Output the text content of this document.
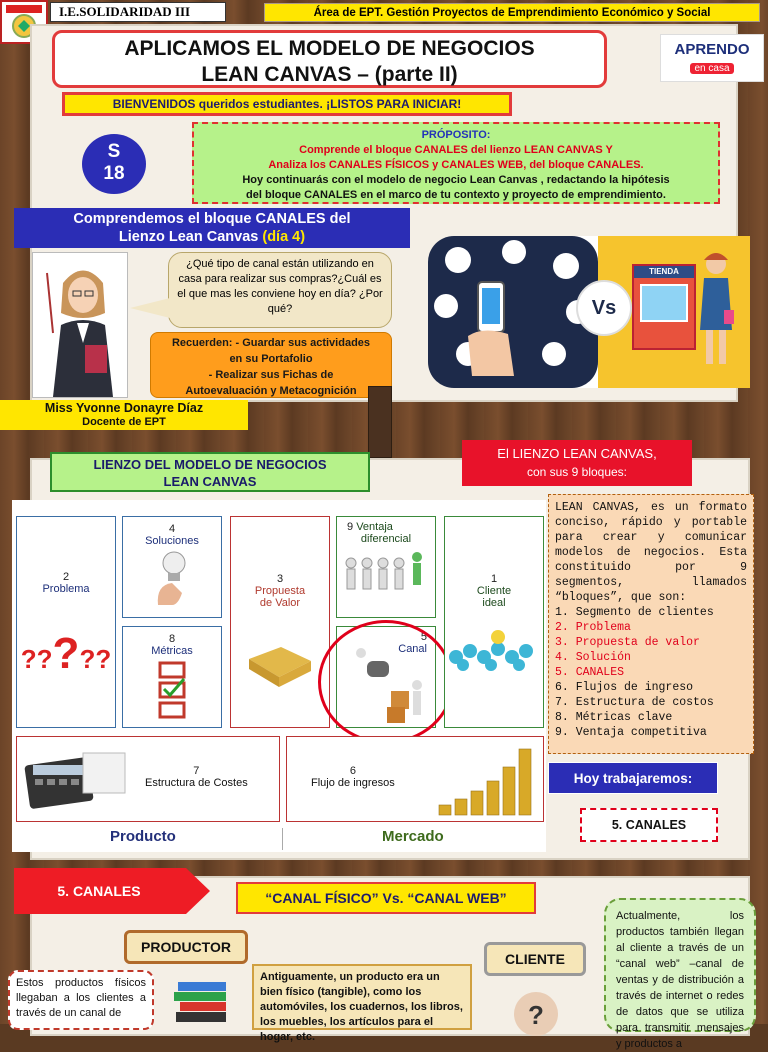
I.E.SOLIDARIDAD III	Área de EPT. Gestión Proyectos de Emprendimiento Económico y Social
APLICAMOS EL MODELO DE NEGOCIOS
LEAN CANVAS – (parte II)
APRENDO
en casa
BIENVENIDOS queridos estudiantes. ¡LISTOS PARA INICIAR!
S
18
PRÓPOSITO:
Comprende el bloque CANALES del lienzo LEAN CANVAS Y
Analiza los CANALES FÍSICOS y CANALES WEB, del bloque CANALES.
Hoy continuarás con el modelo de negocio Lean Canvas , redactando la hipótesis
del bloque CANALES en el marco de tu contexto y proyecto de emprendimiento.
Comprendemos el bloque CANALES del
Lienzo Lean Canvas (día 4)
¿Qué tipo de canal están utilizando en casa para realizar sus compras?¿Cuál es el que mas les conviene hoy en día? ¿Por qué?
Recuerden: - Guardar sus actividades
en su Portafolio
- Realizar sus Fichas de
Autoevaluación y Metacognición
Miss Yvonne Donayre Díaz
Docente de EPT
Vs
TIENDA
LIENZO DEL MODELO DE NEGOCIOS
LEAN CANVAS
El LIENZO LEAN CANVAS,
con sus 9 bloques:
2
Problema
?????
4
Soluciones
8
Métricas
3
Propuesta
de Valor
9 Ventaja
diferencial
5
Canal
1
Cliente
ideal
7
Estructura de Costes
6
Flujo de ingresos
Producto	Mercado
LEAN CANVAS, es un formato conciso, rápido y portable para crear y comunicar modelos de negocios. Esta constituido por 9 segmentos, llamados “bloques”, que son:
1. Segmento de clientes
2. Problema
3. Propuesta de valor
4. Solución
5. CANALES
6. Flujos de ingreso
7. Estructura de costos
8. Métricas clave
9. Ventaja competitiva
Hoy trabajaremos:
5. CANALES
5. CANALES	“CANAL FÍSICO” Vs. “CANAL WEB”
PRODUCTOR
CLIENTE
Estos productos físicos llegaban a los clientes a través de un canal de
Antiguamente, un producto era un bien físico (tangible), como los automóviles, los cuadernos, los libros, los muebles, los artículos para el hogar, etc.
?
Actualmente, los productos también llegan al cliente a través de un “canal web” –canal de ventas y de distribución a través de internet o redes de datos que se utiliza para transmitir mensajes y productos a
